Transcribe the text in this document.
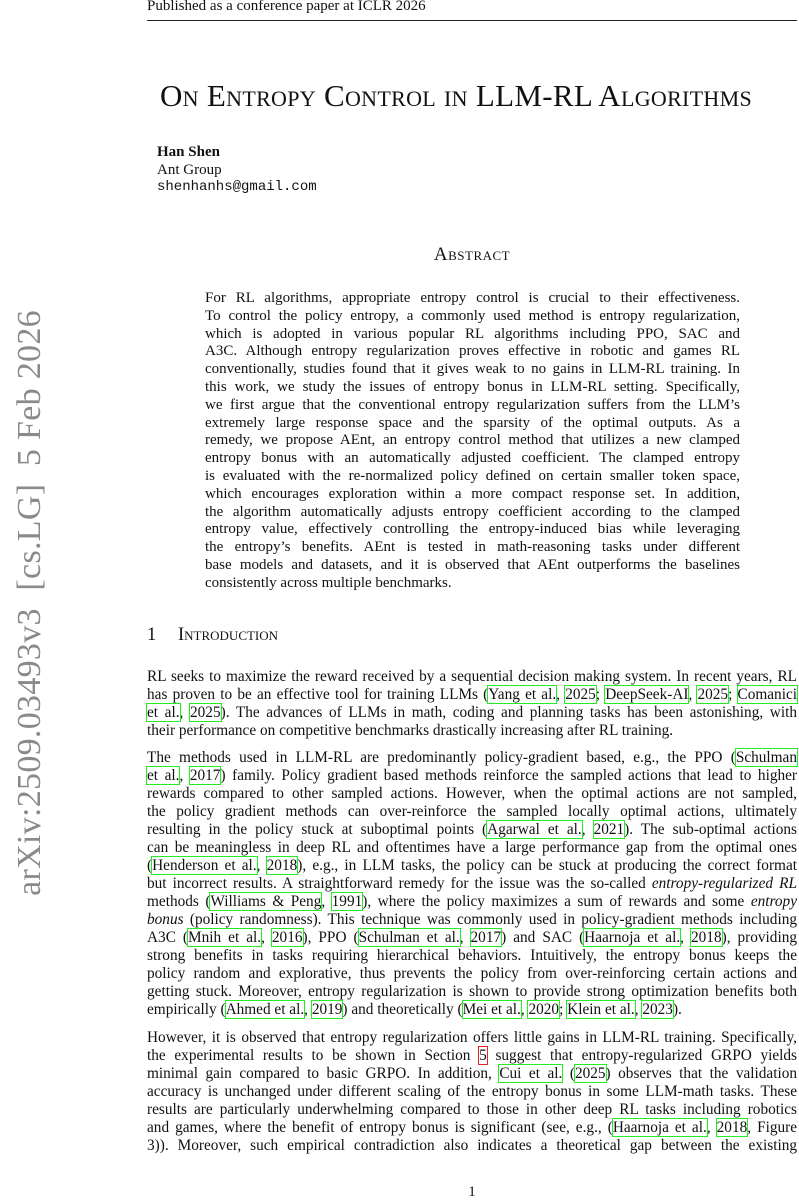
Published as a conference paper at ICLR 2026
arXiv:2509.03493v3  [cs.LG]  5 Feb 2026
On Entropy Control in LLM-RL Algorithms
Han Shen
Ant Group
shenhanhs@gmail.com
Abstract
For RL algorithms, appropriate entropy control is crucial to their effectiveness.
To control the policy entropy, a commonly used method is entropy regularization,
which is adopted in various popular RL algorithms including PPO, SAC and
A3C. Although entropy regularization proves effective in robotic and games RL
conventionally, studies found that it gives weak to no gains in LLM-RL training. In
this work, we study the issues of entropy bonus in LLM-RL setting. Specifically,
we first argue that the conventional entropy regularization suffers from the LLM’s
extremely large response space and the sparsity of the optimal outputs. As a
remedy, we propose AEnt, an entropy control method that utilizes a new clamped
entropy bonus with an automatically adjusted coefficient. The clamped entropy
is evaluated with the re-normalized policy defined on certain smaller token space,
which encourages exploration within a more compact response set. In addition,
the algorithm automatically adjusts entropy coefficient according to the clamped
entropy value, effectively controlling the entropy-induced bias while leveraging
the entropy’s benefits. AEnt is tested in math-reasoning tasks under different
base models and datasets, and it is observed that AEnt outperforms the baselines
consistently across multiple benchmarks.
1 Introduction
RL seeks to maximize the reward received by a sequential decision making system. In recent years, RL
has proven to be an effective tool for training LLMs (Yang et al., 2025; DeepSeek-AI, 2025; Comanici
et al., 2025). The advances of LLMs in math, coding and planning tasks has been astonishing, with
their performance on competitive benchmarks drastically increasing after RL training.
The methods used in LLM-RL are predominantly policy-gradient based, e.g., the PPO (Schulman
et al., 2017) family. Policy gradient based methods reinforce the sampled actions that lead to higher
rewards compared to other sampled actions. However, when the optimal actions are not sampled,
the policy gradient methods can over-reinforce the sampled locally optimal actions, ultimately
resulting in the policy stuck at suboptimal points (Agarwal et al., 2021). The sub-optimal actions
can be meaningless in deep RL and oftentimes have a large performance gap from the optimal ones
(Henderson et al., 2018), e.g., in LLM tasks, the policy can be stuck at producing the correct format
but incorrect results. A straightforward remedy for the issue was the so-called entropy-regularized RL
methods (Williams & Peng, 1991), where the policy maximizes a sum of rewards and some entropy
bonus (policy randomness). This technique was commonly used in policy-gradient methods including
A3C (Mnih et al., 2016), PPO (Schulman et al., 2017) and SAC (Haarnoja et al., 2018), providing
strong benefits in tasks requiring hierarchical behaviors. Intuitively, the entropy bonus keeps the
policy random and explorative, thus prevents the policy from over-reinforcing certain actions and
getting stuck. Moreover, entropy regularization is shown to provide strong optimization benefits both
empirically (Ahmed et al., 2019) and theoretically (Mei et al., 2020; Klein et al., 2023).
However, it is observed that entropy regularization offers little gains in LLM-RL training. Specifically,
the experimental results to be shown in Section 5 suggest that entropy-regularized GRPO yields
minimal gain compared to basic GRPO. In addition, Cui et al. (2025) observes that the validation
accuracy is unchanged under different scaling of the entropy bonus in some LLM-math tasks. These
results are particularly underwhelming compared to those in other deep RL tasks including robotics
and games, where the benefit of entropy bonus is significant (see, e.g., (Haarnoja et al., 2018, Figure
3)). Moreover, such empirical contradiction also indicates a theoretical gap between the existing
1
